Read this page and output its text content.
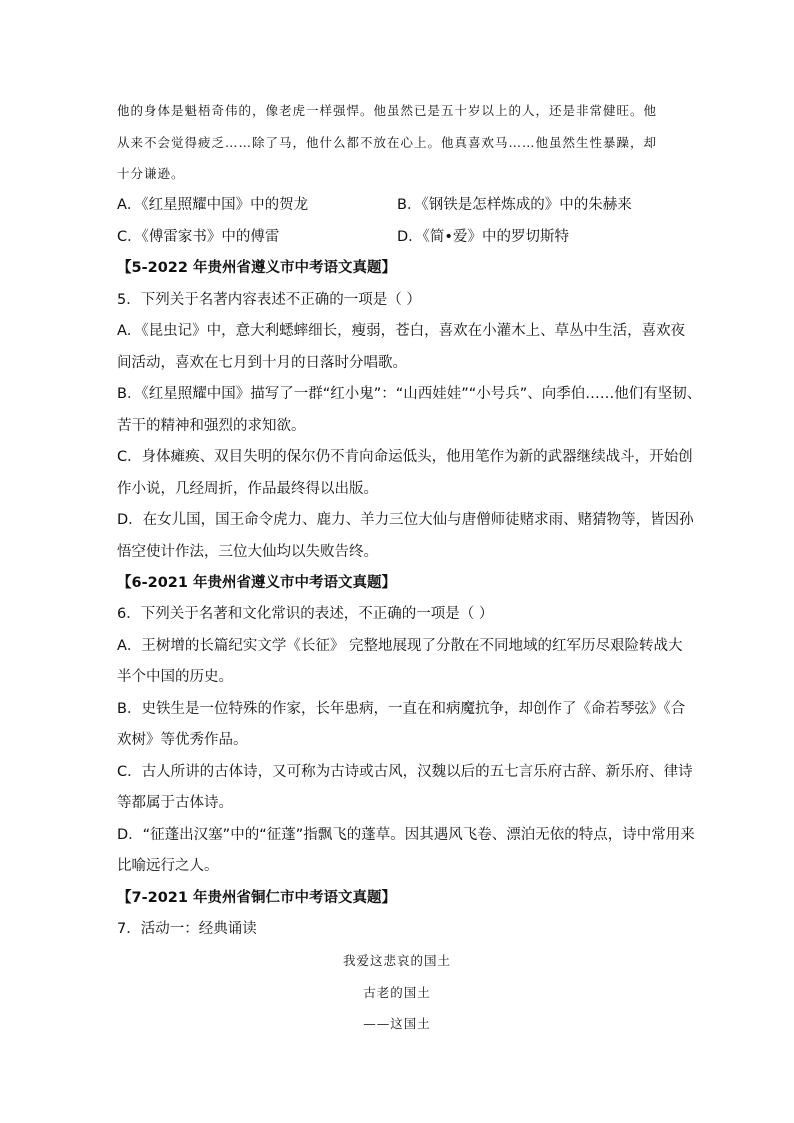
他的身体是魁梧奇伟的，像老虎一样强悍。他虽然已是五十岁以上的人，还是非常健旺。他
从来不会觉得疲乏……除了马，他什么都不放在心上。他真喜欢马……他虽然生性暴躁，却
十分谦逊。
A．《红星照耀中国》中的贺龙	B．《钢铁是怎样炼成的》中的朱赫来
C．《傅雷家书》中的傅雷	D．《简•爱》中的罗切斯特
【5-2022 年贵州省遵义市中考语文真题】
5．下列关于名著内容表述不正确的一项是（ ）
A．《昆虫记》中，意大利蟋蟀细长，瘦弱，苍白，喜欢在小灌木上、草丛中生活，喜欢夜
间活动，喜欢在七月到十月的日落时分唱歌。
B．《红星照耀中国》描写了一群“红小鬼”：“山西娃娃”“小号兵”、向季伯……他们有坚韧、
苦干的精神和强烈的求知欲。
C．身体瘫痪、双目失明的保尔仍不肯向命运低头，他用笔作为新的武器继续战斗，开始创
作小说，几经周折，作品最终得以出版。
D．在女儿国，国王命令虎力、鹿力、羊力三位大仙与唐僧师徒赌求雨、赌猜物等，皆因孙
悟空使计作法，三位大仙均以失败告终。
【6-2021 年贵州省遵义市中考语文真题】
6．下列关于名著和文化常识的表述，不正确的一项是（ ）
A．王树增的长篇纪实文学《长征》 完整地展现了分散在不同地域的红军历尽艰险转战大
半个中国的历史。
B．史铁生是一位特殊的作家，长年患病，一直在和病魔抗争，却创作了《命若琴弦》《合
欢树》等优秀作品。
C．古人所讲的古体诗，又可称为古诗或古风，汉魏以后的五七言乐府古辞、新乐府、律诗
等都属于古体诗。
D．“征蓬出汉塞”中的“征蓬”指飘飞的蓬草。因其遇风飞卷、漂泊无依的特点，诗中常用来
比喻远行之人。
【7-2021 年贵州省铜仁市中考语文真题】
7．活动一：经典诵读
我爱这悲哀的国土
古老的国土
——这国土
